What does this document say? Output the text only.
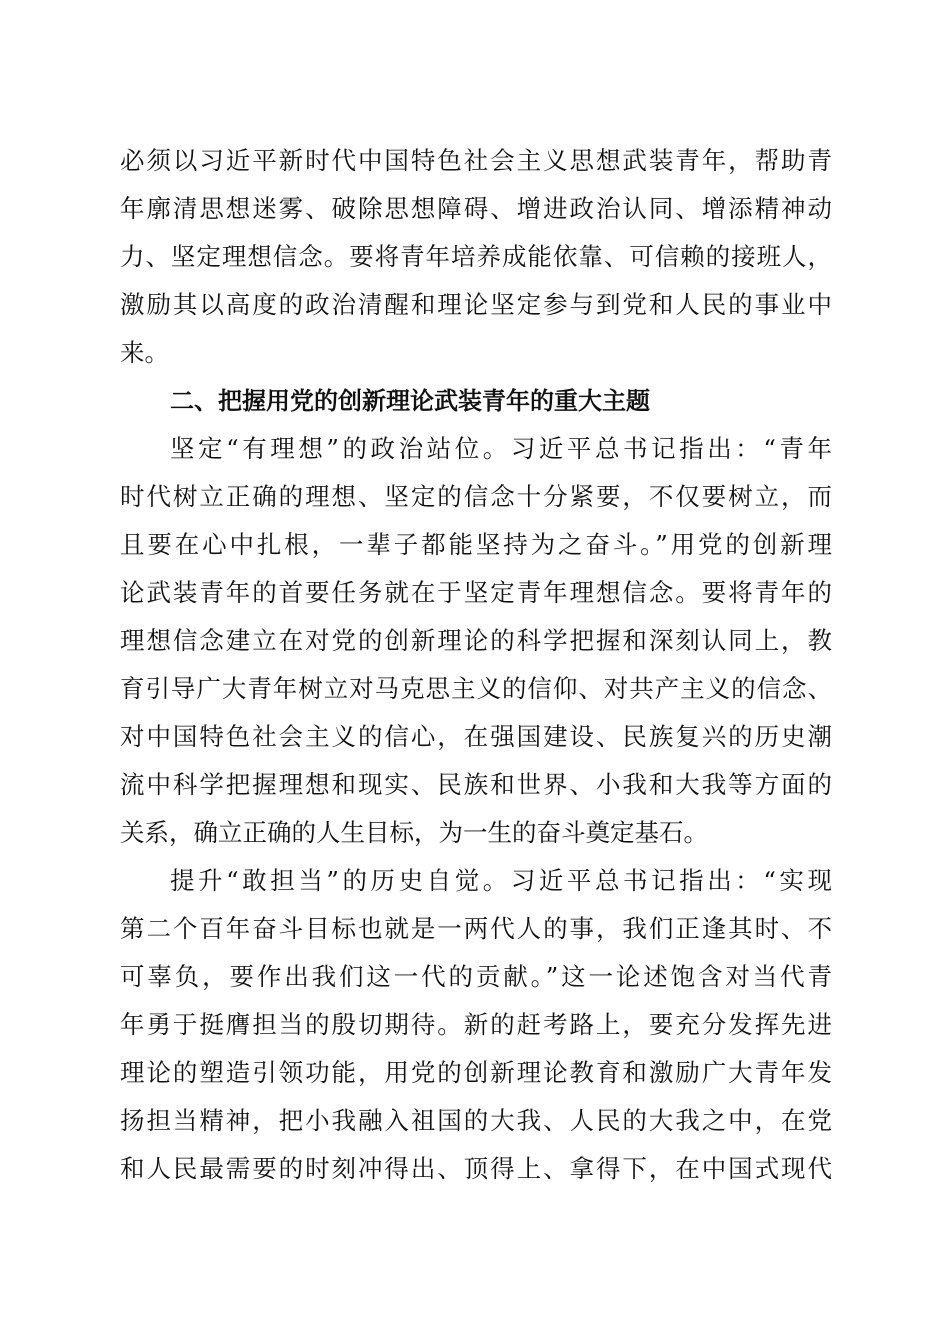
必须以习近平新时代中国特色社会主义思想武装青年，帮助青
年廓清思想迷雾、破除思想障碍、增进政治认同、增添精神动
力、坚定理想信念。要将青年培养成能依靠、可信赖的接班人，
激励其以高度的政治清醒和理论坚定参与到党和人民的事业中
来。
二、把握用党的创新理论武装青年的重大主题
坚定“有理想”的政治站位。习近平总书记指出：“青年
时代树立正确的理想、坚定的信念十分紧要，不仅要树立，而
且要在心中扎根，一辈子都能坚持为之奋斗。”用党的创新理
论武装青年的首要任务就在于坚定青年理想信念。要将青年的
理想信念建立在对党的创新理论的科学把握和深刻认同上，教
育引导广大青年树立对马克思主义的信仰、对共产主义的信念、
对中国特色社会主义的信心，在强国建设、民族复兴的历史潮
流中科学把握理想和现实、民族和世界、小我和大我等方面的
关系，确立正确的人生目标，为一生的奋斗奠定基石。
提升“敢担当”的历史自觉。习近平总书记指出：“实现
第二个百年奋斗目标也就是一两代人的事，我们正逢其时、不
可辜负，要作出我们这一代的贡献。”这一论述饱含对当代青
年勇于挺膺担当的殷切期待。新的赶考路上，要充分发挥先进
理论的塑造引领功能，用党的创新理论教育和激励广大青年发
扬担当精神，把小我融入祖国的大我、人民的大我之中，在党
和人民最需要的时刻冲得出、顶得上、拿得下，在中国式现代
